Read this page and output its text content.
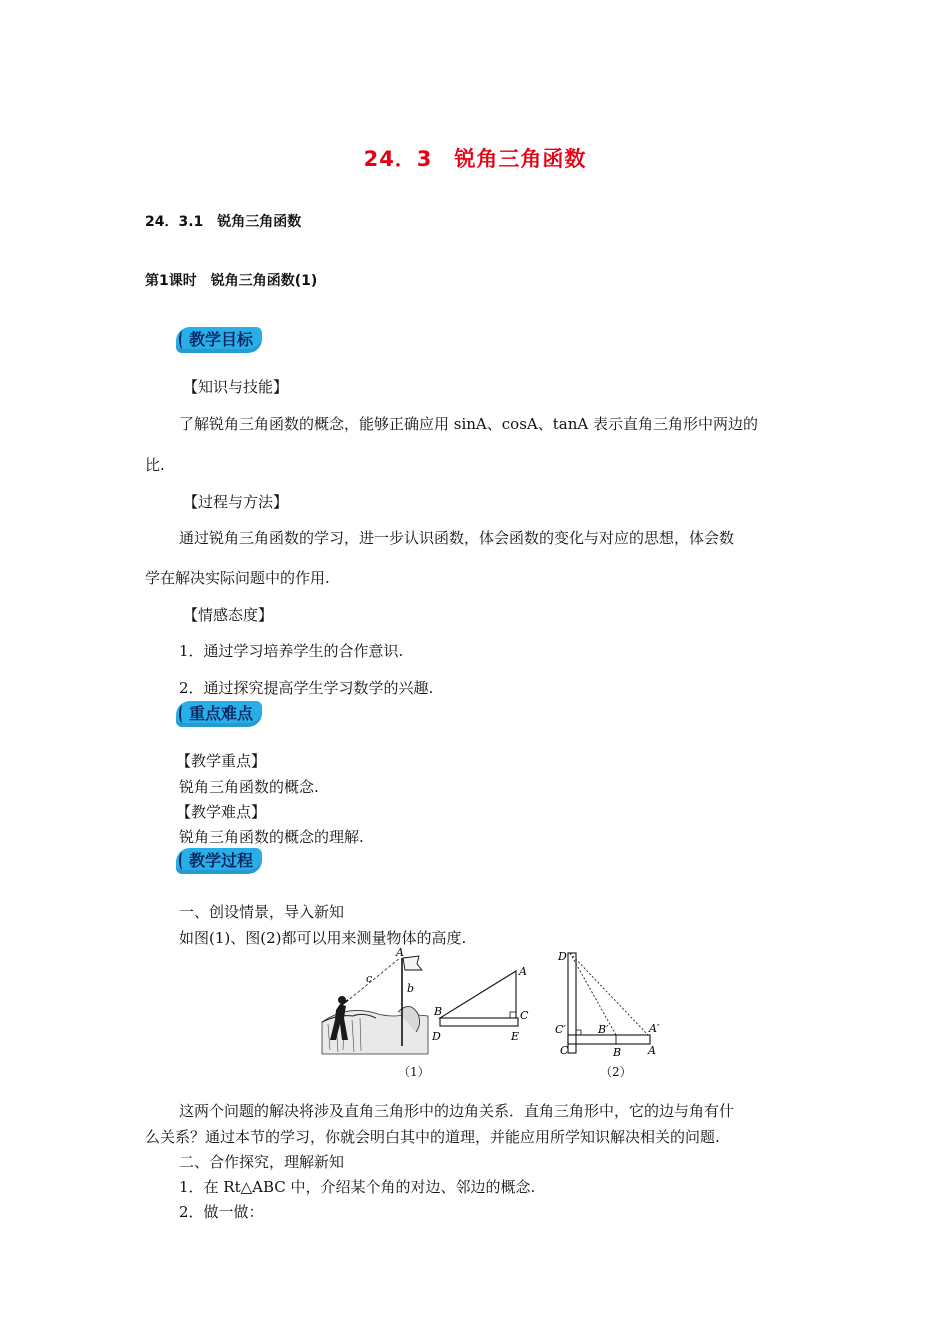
24．3　锐角三角函数
24．3.1　锐角三角函数
第1课时　锐角三角函数(1)
教学目标
【知识与技能】
了解锐角三角函数的概念，能够正确应用 sinA、cosA、tanA 表示直角三角形中两边的
比.
【过程与方法】
通过锐角三角函数的学习，进一步认识函数，体会函数的变化与对应的思想，体会数
学在解决实际问题中的作用.
【情感态度】
1．通过学习培养学生的合作意识.
2．通过探究提高学生学习数学的兴趣.
重点难点
【教学重点】
锐角三角函数的概念.
【教学难点】
锐角三角函数的概念的理解.
教学过程
一、创设情景，导入新知
如图(1)、图(2)都可以用来测量物体的高度.
A
c
b
A
B	C
D	E
D
C′	B′	A′
C	B A
（1）	（2）
这两个问题的解决将涉及直角三角形中的边角关系．直角三角形中，它的边与角有什
么关系？通过本节的学习，你就会明白其中的道理，并能应用所学知识解决相关的问题.
二、合作探究，理解新知
1．在 Rt△ABC 中，介绍某个角的对边、邻边的概念.
2．做一做：
